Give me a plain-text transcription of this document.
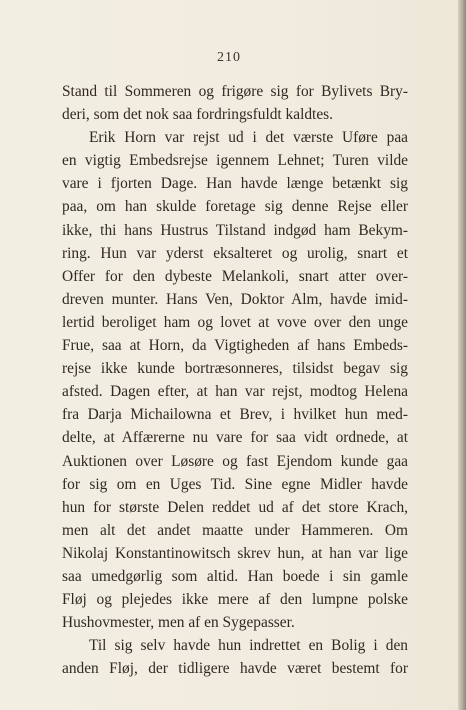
210
Stand til Sommeren og frigøre sig for Bylivets Bry-
deri, som det nok saa fordringsfuldt kaldtes.
Erik Horn var rejst ud i det værste Uføre paa
en vigtig Embedsrejse igennem Lehnet; Turen vilde
vare i fjorten Dage. Han havde længe betænkt sig
paa, om han skulde foretage sig denne Rejse eller
ikke, thi hans Hustrus Tilstand indgød ham Bekym-
ring. Hun var yderst eksalteret og urolig, snart et
Offer for den dybeste Melankoli, snart atter over-
dreven munter. Hans Ven, Doktor Alm, havde imid-
lertid beroliget ham og lovet at vove over den unge
Frue, saa at Horn, da Vigtigheden af hans Embeds-
rejse ikke kunde bortræsonneres, tilsidst begav sig
afsted. Dagen efter, at han var rejst, modtog Helena
fra Darja Michailowna et Brev, i hvilket hun med-
delte, at Affærerne nu vare for saa vidt ordnede, at
Auktionen over Løsøre og fast Ejendom kunde gaa
for sig om en Uges Tid. Sine egne Midler havde
hun for største Delen reddet ud af det store Krach,
men alt det andet maatte under Hammeren. Om
Nikolaj Konstantinowitsch skrev hun, at han var lige
saa umedgørlig som altid. Han boede i sin gamle
Fløj og plejedes ikke mere af den lumpne polske
Hushovmester, men af en Sygepasser.
Til sig selv havde hun indrettet en Bolig i den
anden Fløj, der tidligere havde været bestemt for
